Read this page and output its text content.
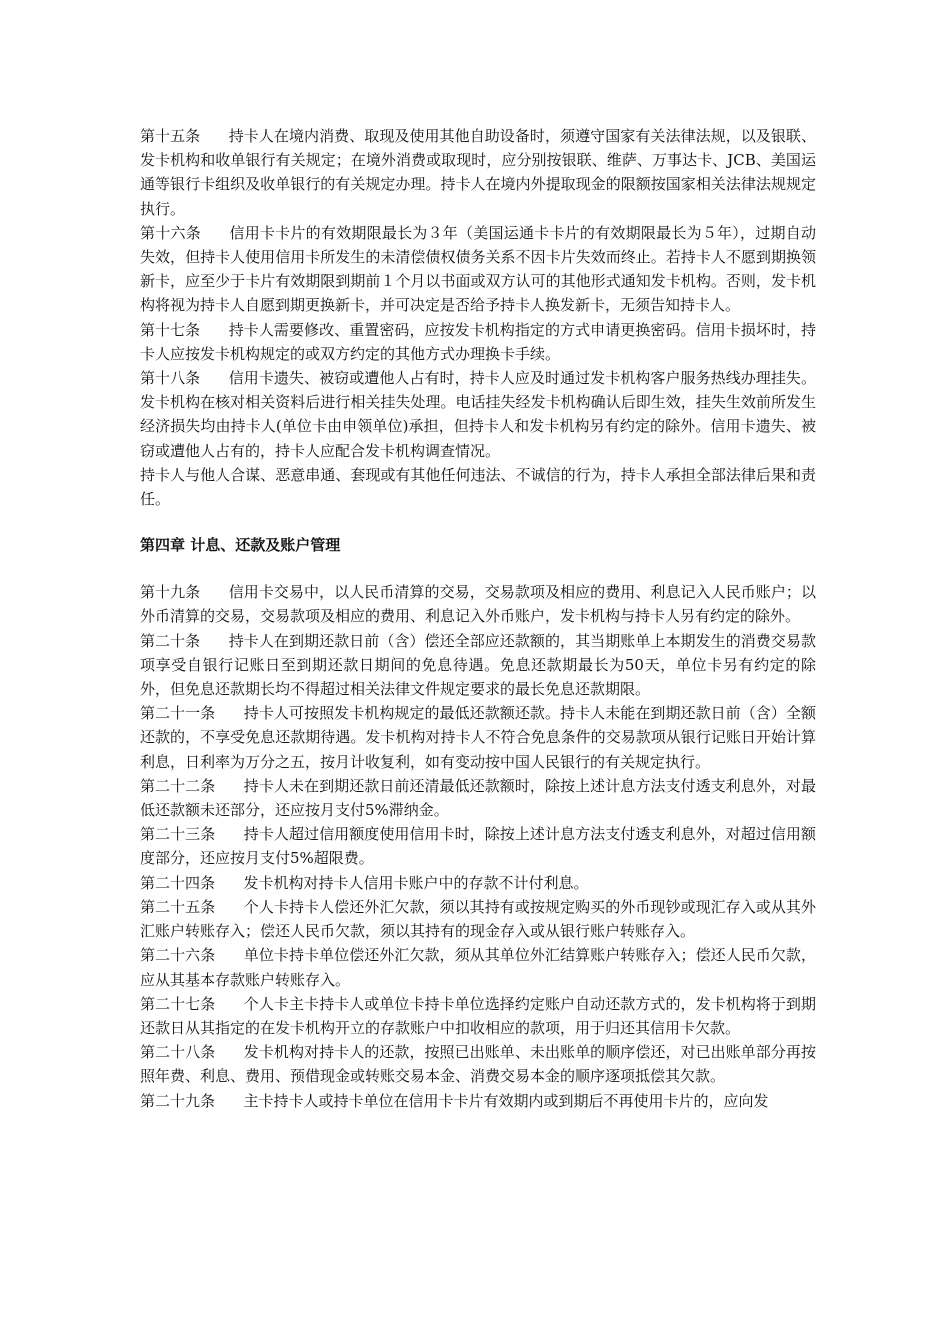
第十五条 持卡人在境内消费、取现及使用其他自助设备时，须遵守国家有关法律法规，以及银联、发卡机构和收单银行有关规定；在境外消费或取现时，应分别按银联、维萨、万事达卡、JCB、美国运通等银行卡组织及收单银行的有关规定办理。持卡人在境内外提取现金的限额按国家相关法律法规规定执行。

第十六条 信用卡卡片的有效期限最长为３年（美国运通卡卡片的有效期限最长为５年），过期自动失效，但持卡人使用信用卡所发生的未清偿债权债务关系不因卡片失效而终止。若持卡人不愿到期换领新卡，应至少于卡片有效期限到期前１个月以书面或双方认可的其他形式通知发卡机构。否则，发卡机构将视为持卡人自愿到期更换新卡，并可决定是否给予持卡人换发新卡，无须告知持卡人。

第十七条 持卡人需要修改、重置密码，应按发卡机构指定的方式申请更换密码。信用卡损坏时，持卡人应按发卡机构规定的或双方约定的其他方式办理换卡手续。

第十八条 信用卡遗失、被窃或遭他人占有时，持卡人应及时通过发卡机构客户服务热线办理挂失。发卡机构在核对相关资料后进行相关挂失处理。电话挂失经发卡机构确认后即生效，挂失生效前所发生经济损失均由持卡人(单位卡由申领单位)承担，但持卡人和发卡机构另有约定的除外。信用卡遗失、被窃或遭他人占有的，持卡人应配合发卡机构调查情况。

持卡人与他人合谋、恶意串通、套现或有其他任何违法、不诚信的行为，持卡人承担全部法律后果和责任。

第四章 计息、还款及账户管理

第十九条 信用卡交易中，以人民币清算的交易，交易款项及相应的费用、利息记入人民币账户；以外币清算的交易，交易款项及相应的费用、利息记入外币账户，发卡机构与持卡人另有约定的除外。

第二十条 持卡人在到期还款日前（含）偿还全部应还款额的，其当期账单上本期发生的消费交易款项享受自银行记账日至到期还款日期间的免息待遇。免息还款期最长为50天，单位卡另有约定的除外，但免息还款期长均不得超过相关法律文件规定要求的最长免息还款期限。

第二十一条 持卡人可按照发卡机构规定的最低还款额还款。持卡人未能在到期还款日前（含）全额还款的，不享受免息还款期待遇。发卡机构对持卡人不符合免息条件的交易款项从银行记账日开始计算利息，日利率为万分之五，按月计收复利，如有变动按中国人民银行的有关规定执行。

第二十二条 持卡人未在到期还款日前还清最低还款额时，除按上述计息方法支付透支利息外，对最低还款额未还部分，还应按月支付5%滞纳金。

第二十三条 持卡人超过信用额度使用信用卡时，除按上述计息方法支付透支利息外，对超过信用额度部分，还应按月支付5%超限费。

第二十四条 发卡机构对持卡人信用卡账户中的存款不计付利息。

第二十五条 个人卡持卡人偿还外汇欠款，须以其持有或按规定购买的外币现钞或现汇存入或从其外汇账户转账存入；偿还人民币欠款，须以其持有的现金存入或从银行账户转账存入。

第二十六条 单位卡持卡单位偿还外汇欠款，须从其单位外汇结算账户转账存入；偿还人民币欠款，应从其基本存款账户转账存入。

第二十七条 个人卡主卡持卡人或单位卡持卡单位选择约定账户自动还款方式的，发卡机构将于到期还款日从其指定的在发卡机构开立的存款账户中扣收相应的款项，用于归还其信用卡欠款。

第二十八条 发卡机构对持卡人的还款，按照已出账单、未出账单的顺序偿还，对已出账单部分再按照年费、利息、费用、预借现金或转账交易本金、消费交易本金的顺序逐项抵偿其欠款。

第二十九条 主卡持卡人或持卡单位在信用卡卡片有效期内或到期后不再使用卡片的，应向发
